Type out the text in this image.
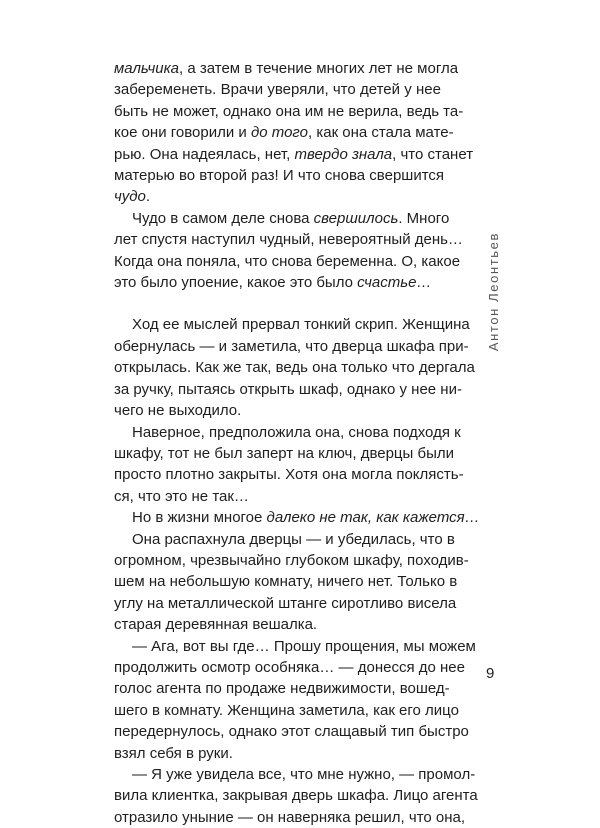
мальчика, а затем в течение многих лет не могла
забеременеть. Врачи уверяли, что детей у нее
быть не может, однако она им не верила, ведь та-
кое они говорили и до того, как она стала мате-
рью. Она надеялась, нет, твердо знала, что станет
матерью во второй раз! И что снова свершится
чудо.
Чудо в самом деле снова свершилось. Много
лет спустя наступил чудный, невероятный день…
Когда она поняла, что снова беременна. О, какое
это было упоение, какое это было счастье…
Ход ее мыслей прервал тонкий скрип. Женщина
обернулась — и заметила, что дверца шкафа при-
открылась. Как же так, ведь она только что дергала
за ручку, пытаясь открыть шкаф, однако у нее ни-
чего не выходило.
Наверное, предположила она, снова подходя к
шкафу, тот не был заперт на ключ, дверцы были
просто плотно закрыты. Хотя она могла поклясть-
ся, что это не так…
Но в жизни многое далеко не так, как кажется…
Она распахнула дверцы — и убедилась, что в
огромном, чрезвычайно глубоком шкафу, походив-
шем на небольшую комнату, ничего нет. Только в
углу на металлической штанге сиротливо висела
старая деревянная вешалка.
— Ага, вот вы где… Прошу прощения, мы можем
продолжить осмотр особняка… — донесся до нее
голос агента по продаже недвижимости, вошед-
шего в комнату. Женщина заметила, как его лицо
передернулось, однако этот слащавый тип быстро
взял себя в руки.
— Я уже увидела все, что мне нужно, — промол-
вила клиентка, закрывая дверь шкафа. Лицо агента
отразило уныние — он наверняка решил, что она,
Антон Леонтьев
9
